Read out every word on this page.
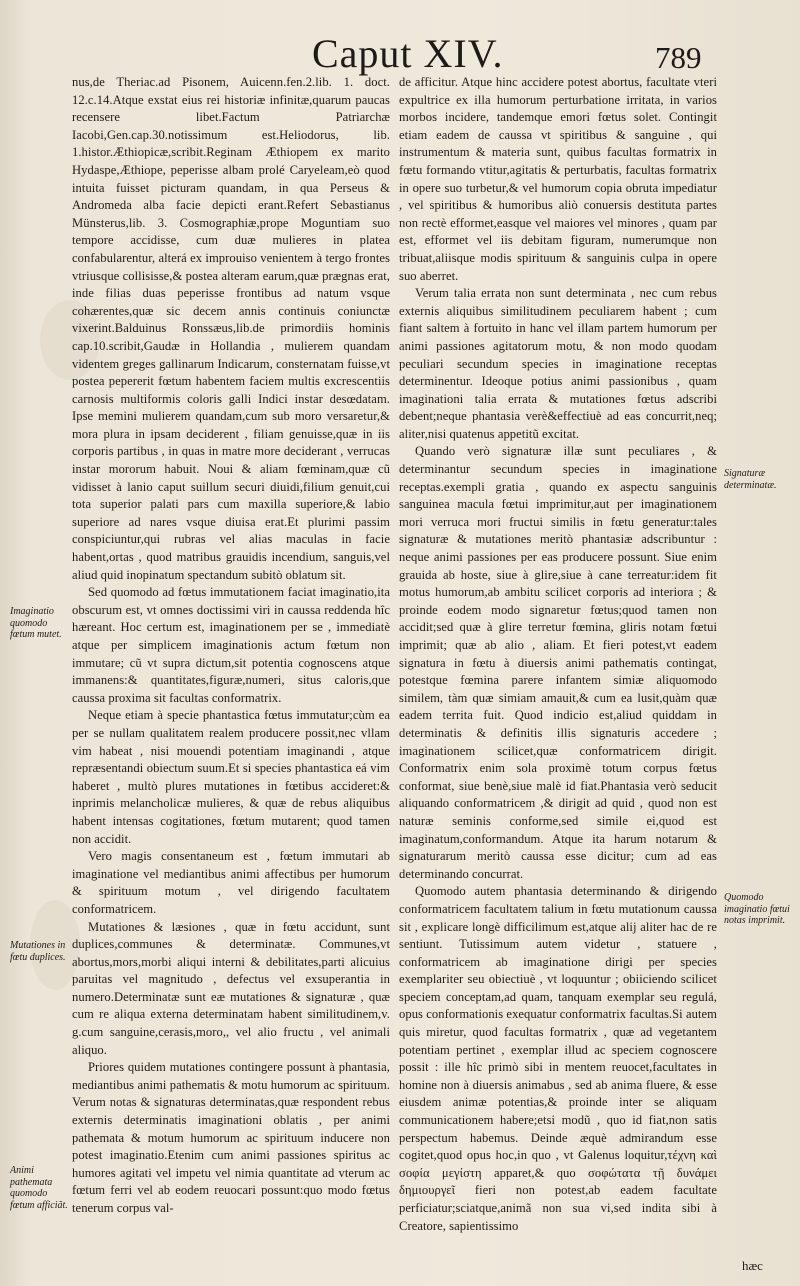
Caput XIV.	789

nus,de Theriac.ad Pisonem, Auicenn.fen.2.lib. 1. doct. 12.c.14.Atque exstat eius rei historiæ infinitæ,quarum paucas recensere libet.Factum Patriarchæ Iacobi,Gen.cap.30.notissimum est.Heliodorus, lib. 1.histor.Æthiopicæ,scribit.Reginam Æthiopem ex marito Hydaspe,Æthiope, peperisse albam prolé Caryeleam,eò quod intuita fuisset picturam quandam, in qua Perseus & Andromeda alba facie depicti erant.Refert Sebastianus Münsterus,lib. 3. Cosmographiæ,prope Moguntiam suo tempore accidisse, cum duæ mulieres in platea confabularentur, alterá ex improuiso venientem à tergo frontes vtriusque collisisse,& postea alteram earum,quæ prægnas erat, inde filias duas peperisse frontibus ad natum vsque cohærentes,quæ sic decem annis continuis coniunctæ vixerint.Balduinus Ronssæus,lib.de primordiis hominis cap.10.scribit,Gaudæ in Hollandia , mulierem quandam videntem greges gallinarum Indicarum, consternatam fuisse,vt postea pepererit fœtum habentem faciem multis excrescentiis carnosis multiformis coloris galli Indici instar desœdatam. Ipse memini mulierem quandam,cum sub moro versaretur,& mora plura in ipsam deciderent , filiam genuisse,quæ in iis corporis partibus , in quas in matre more deciderant , verrucas instar mororum habuit. Noui & aliam fœminam,quæ cũ vidisset à lanio caput suillum securi diuidi,filium genuit,cui tota superior palati pars cum maxilla superiore,& labio superiore ad nares vsque diuisa erat.Et plurimi passim conspiciuntur,qui rubras vel alias maculas in facie habent,ortas , quod matribus grauidis incendium, sanguis,vel aliud quid inopinatum spectandum subitò oblatum sit.

Sed quomodo ad fœtus immutationem faciat imaginatio,ita obscurum est, vt omnes doctissimi viri in caussa reddenda hîc hæreant. Hoc certum est, imaginationem per se , immediatè atque per simplicem imaginationis actum fœtum non immutare; cũ vt supra dictum,sit potentia cognoscens atque immanens:& quantitates,figuræ,numeri, situs caloris,que caussa proxima sit facultas conformatrix.

Neque etiam à specie phantastica fœtus immutatur;cùm ea per se nullam qualitatem realem producere possit,nec vllam vim habeat , nisi mouendi potentiam imaginandi , atque repræsentandi obiectum suum.Et si species phantastica eá vim haberet , multò plures mutationes in fœtibus accideret:& inprimis melancholicæ mulieres, & quæ de rebus aliquibus habent intensas cogitationes, fœtum mutarent; quod tamen non accidit.

Vero magis consentaneum est , fœtum immutari ab imaginatione vel mediantibus animi affectibus per humorum & spirituum motum , vel dirigendo facultatem conformatricem.

Mutationes & læsiones , quæ in fœtu accidunt, sunt duplices,communes & determinatæ. Communes,vt abortus,mors,morbi aliqui interni & debilitates,parti alicuius paruitas vel magnitudo , defectus vel exsuperantia in numero.Determinatæ sunt eæ mutationes & signaturæ , quæ cum re aliqua externa determinatam habent similitudinem,v. g.cum sanguine,cerasis,moro,, vel alio fructu , vel animali aliquo.

Priores quidem mutationes contingere possunt à phantasia, mediantibus animi pathematis & motu humorum ac spirituum. Verum notas & signaturas determinatas,quæ respondent rebus externis determinatis imaginationi oblatis , per animi pathemata & motum humorum ac spirituum inducere non potest imaginatio.Etenim cum animi passiones spiritus ac humores agitati vel impetu vel nimia quantitate ad vterum ac fœtum ferri vel ab eodem reuocari possunt:quo modo fœtus tenerum corpus val-

de afficitur. Atque hinc accidere potest abortus, facultate vteri expultrice ex illa humorum perturbatione irritata, in varios morbos incidere, tandemque emori fœtus solet. Contingit etiam eadem de caussa vt spiritibus & sanguine , qui instrumentum & materia sunt, quibus facultas formatrix in fœtu formando vtitur,agitatis & perturbatis, facultas formatrix in opere suo turbetur,& vel humorum copia obruta impediatur , vel spiritibus & humoribus aliò conuersis destituta partes non rectè efformet,easque vel maiores vel minores , quam par est, efformet vel iis debitam figuram, numerumque non tribuat,aliisque modis spirituum & sanguinis culpa in opere suo aberret.

Verum talia errata non sunt determinata , nec cum rebus externis aliquibus similitudinem peculiarem habent ; cum fiant saltem à fortuito in hanc vel illam partem humorum per animi passiones agitatorum motu, & non modo quodam peculiari secundum species in imaginatione receptas determinentur. Ideoque potius animi passionibus , quam imaginationi talia errata & mutationes fœtus adscribi debent;neque phantasia verè&effectiuè ad eas concurrit,neq; aliter,nisi quatenus appetitũ excitat.

Quando verò signaturæ illæ sunt peculiares , & determinantur secundum species in imaginatione receptas.exempli gratia , quando ex aspectu sanguinis sanguinea macula fœtui imprimitur,aut per imaginationem mori verruca mori fructui similis in fœtu generatur:tales signaturæ & mutationes meritò phantasiæ adscribuntur : neque animi passiones per eas producere possunt. Siue enim grauida ab hoste, siue à glire,siue à cane terreatur:idem fit motus humorum,ab ambitu scilicet corporis ad interiora ; & proinde eodem modo signaretur fœtus;quod tamen non accidit;sed quæ à glire terretur fœmina, gliris notam fœtui imprimit; quæ ab alio , aliam. Et fieri potest,vt eadem signatura in fœtu à diuersis animi pathematis contingat, potestque fœmina parere infantem simiæ aliquomodo similem, tàm quæ simiam amauit,& cum ea lusit,quàm quæ eadem territa fuit. Quod indicio est,aliud quiddam in determinatis & definitis illis signaturis accedere ; imaginationem scilicet,quæ conformatricem dirigit. Conformatrix enim sola proximè totum corpus fœtus conformat, siue benè,siue malè id fiat.Phantasia verò seducit aliquando conformatricem ,& dirigit ad quid , quod non est naturæ seminis conforme,sed simile ei,quod est imaginatum,conformandum. Atque ita harum notarum & signaturarum meritò caussa esse dicitur; cum ad eas determinando concurrat.

Quomodo autem phantasia determinando & dirigendo conformatricem facultatem talium in fœtu mutationum caussa sit , explicare longè difficilimum est,atque alij aliter hac de re sentiunt. Tutissimum autem videtur , statuere , conformatricem ab imaginatione dirigi per species exemplariter seu obiectiuè , vt loquuntur ; obiiciendo scilicet speciem conceptam,ad quam, tanquam exemplar seu regulá, opus conformationis exequatur conformatrix facultas.Si autem quis miretur, quod facultas formatrix , quæ ad vegetantem potentiam pertinet , exemplar illud ac speciem cognoscere possit : ille hîc primò sibi in mentem reuocet,facultates in homine non à diuersis animabus , sed ab anima fluere, & esse eiusdem animæ potentias,& proinde inter se aliquam communicationem habere;etsi modũ , quo id fiat,non satis perspectum habemus. Deinde æquè admirandum esse cogitet,quod opus hoc,in quo , vt Galenus loquitur,τέχνη καὶ σοφία μεγίστη apparet,& quo σοφώτατα τῇ δυνάμει δημιουργεῖ fieri non potest,ab eadem facultate perficiatur;sciatque,animã non sua vi,sed indita sibi à Creatore, sapientissimo

Imaginatio quomodo fœtum mutet.
Mutationes in fœtu duplices.
Animi pathemata quomodo fœtum afficiãt.
Signaturæ determinatæ.
Quomodo imaginatio fœtui notas imprimit.
hæc
